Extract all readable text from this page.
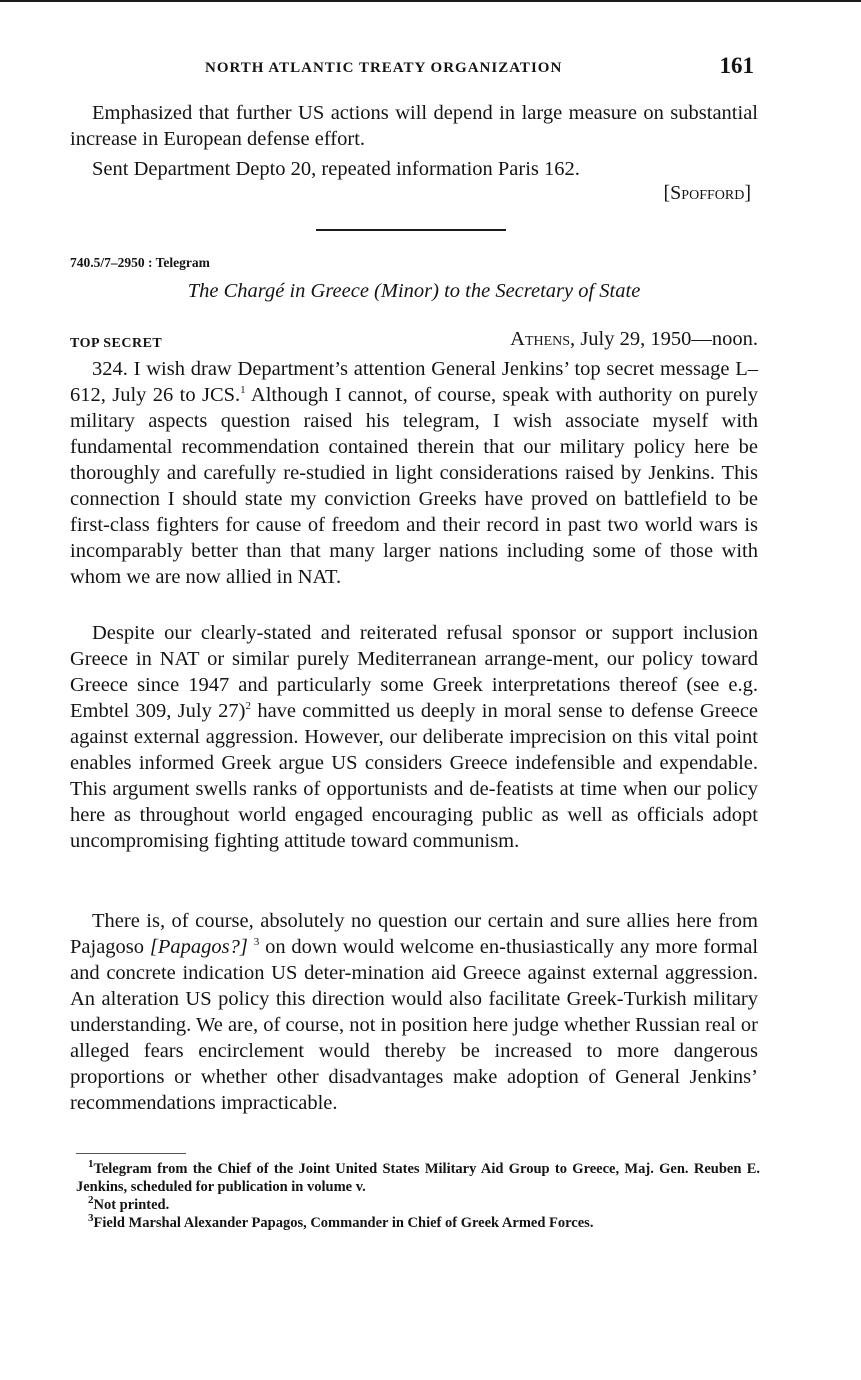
NORTH ATLANTIC TREATY ORGANIZATION	161

Emphasized that further US actions will depend in large measure on substantial increase in European defense effort.

Sent Department Depto 20, repeated information Paris 162.

[Spofford]
740.5/7–2950 : Telegram
The Chargé in Greece (Minor) to the Secretary of State
TOP SECRET	Athens, July 29, 1950—noon.

324. I wish draw Department’s attention General Jenkins’ top secret message L–612, July 26 to JCS.$^1$ Although I cannot, of course, speak with authority on purely military aspects question raised his telegram, I wish associate myself with fundamental recommendation contained therein that our military policy here be thoroughly and carefully re-studied in light considerations raised by Jenkins. This connection I should state my conviction Greeks have proved on battlefield to be first-class fighters for cause of freedom and their record in past two world wars is incomparably better than that many larger nations including some of those with whom we are now allied in NAT.

Despite our clearly-stated and reiterated refusal sponsor or support inclusion Greece in NAT or similar purely Mediterranean arrange-ment, our policy toward Greece since 1947 and particularly some Greek interpretations thereof (see e.g. Embtel 309, July 27)$^2$ have committed us deeply in moral sense to defense Greece against external aggression. However, our deliberate imprecision on this vital point enables informed Greek argue US considers Greece indefensible and expendable. This argument swells ranks of opportunists and de-featists at time when our policy here as throughout world engaged encouraging public as well as officials adopt uncompromising fighting attitude toward communism.

There is, of course, absolutely no question our certain and sure allies here from Pajagoso [Papagos?] $^3$ on down would welcome en-thusiastically any more formal and concrete indication US deter-mination aid Greece against external aggression. An alteration US policy this direction would also facilitate Greek-Turkish military understanding. We are, of course, not in position here judge whether Russian real or alleged fears encirclement would thereby be increased to more dangerous proportions or whether other disadvantages make adoption of General Jenkins’ recommendations impracticable.

$^1$Telegram from the Chief of the Joint United States Military Aid Group to Greece, Maj. Gen. Reuben E. Jenkins, scheduled for publication in volume v.

$^2$Not printed.

$^3$Field Marshal Alexander Papagos, Commander in Chief of Greek Armed Forces.
